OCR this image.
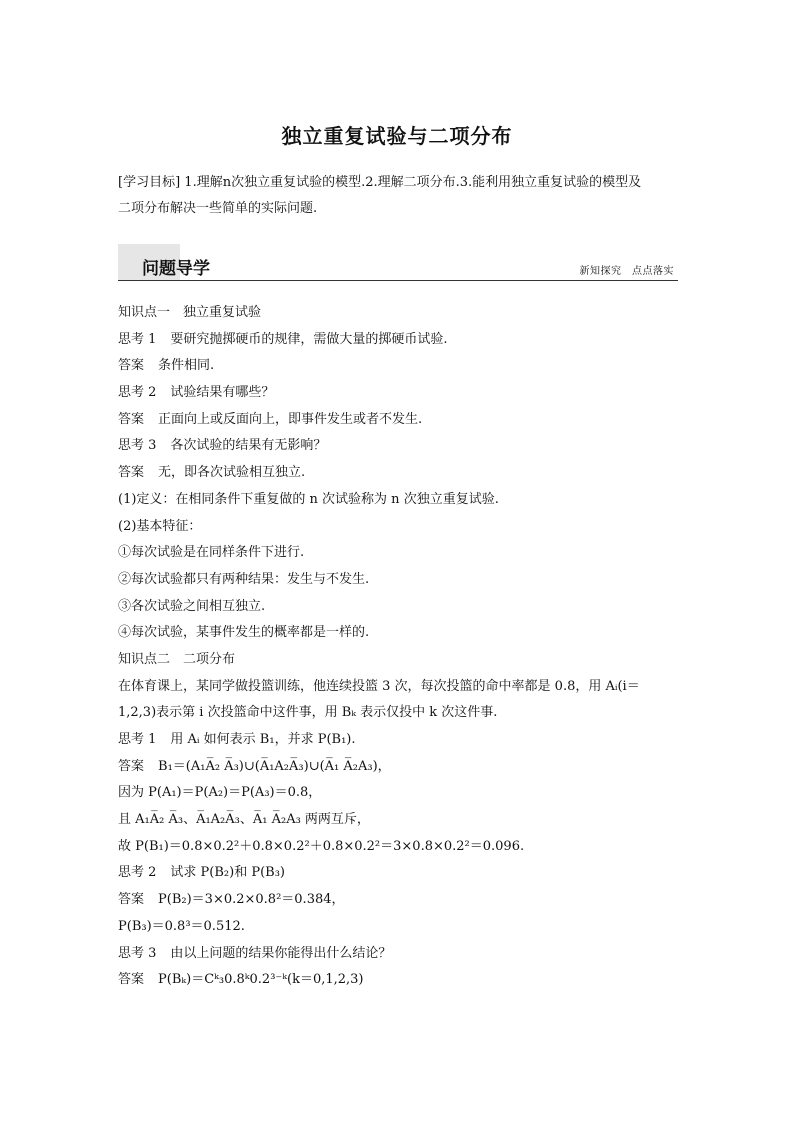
独立重复试验与二项分布
[学习目标] 1.理解n次独立重复试验的模型.2.理解二项分布.3.能利用独立重复试验的模型及
二项分布解决一些简单的实际问题.
问题导学	新知探究　点点落实
知识点一　独立重复试验
思考 1 要研究抛掷硬币的规律，需做大量的掷硬币试验.
答案 条件相同.
思考 2 试验结果有哪些？
答案 正面向上或反面向上，即事件发生或者不发生.
思考 3 各次试验的结果有无影响？
答案 无，即各次试验相互独立.
(1)定义：在相同条件下重复做的 n 次试验称为 n 次独立重复试验.
(2)基本特征：
①每次试验是在同样条件下进行.
②每次试验都只有两种结果：发生与不发生.
③各次试验之间相互独立.
④每次试验，某事件发生的概率都是一样的.
知识点二　二项分布
在体育课上，某同学做投篮训练，他连续投篮 3 次，每次投篮的命中率都是 0.8，用 Aᵢ(i＝
1,2,3)表示第 i 次投篮命中这件事，用 Bₖ 表示仅投中 k 次这件事.
思考 1 用 Aᵢ 如何表示 B₁，并求 P(B₁).
答案 B₁＝(A₁A̅₂ A̅₃)∪(A̅₁A₂A̅₃)∪(A̅₁ A̅₂A₃)，
因为 P(A₁)＝P(A₂)＝P(A₃)＝0.8，
且 A₁A̅₂ A̅₃、A̅₁A₂A̅₃、A̅₁ A̅₂A₃ 两两互斥，
故 P(B₁)＝0.8×0.2²＋0.8×0.2²＋0.8×0.2²＝3×0.8×0.2²＝0.096.
思考 2 试求 P(B₂)和 P(B₃)
答案 P(B₂)＝3×0.2×0.8²＝0.384，
P(B₃)＝0.8³＝0.512.
思考 3 由以上问题的结果你能得出什么结论？
答案 P(Bₖ)＝Cᵏ₃0.8ᵏ0.2³⁻ᵏ(k＝0,1,2,3)
